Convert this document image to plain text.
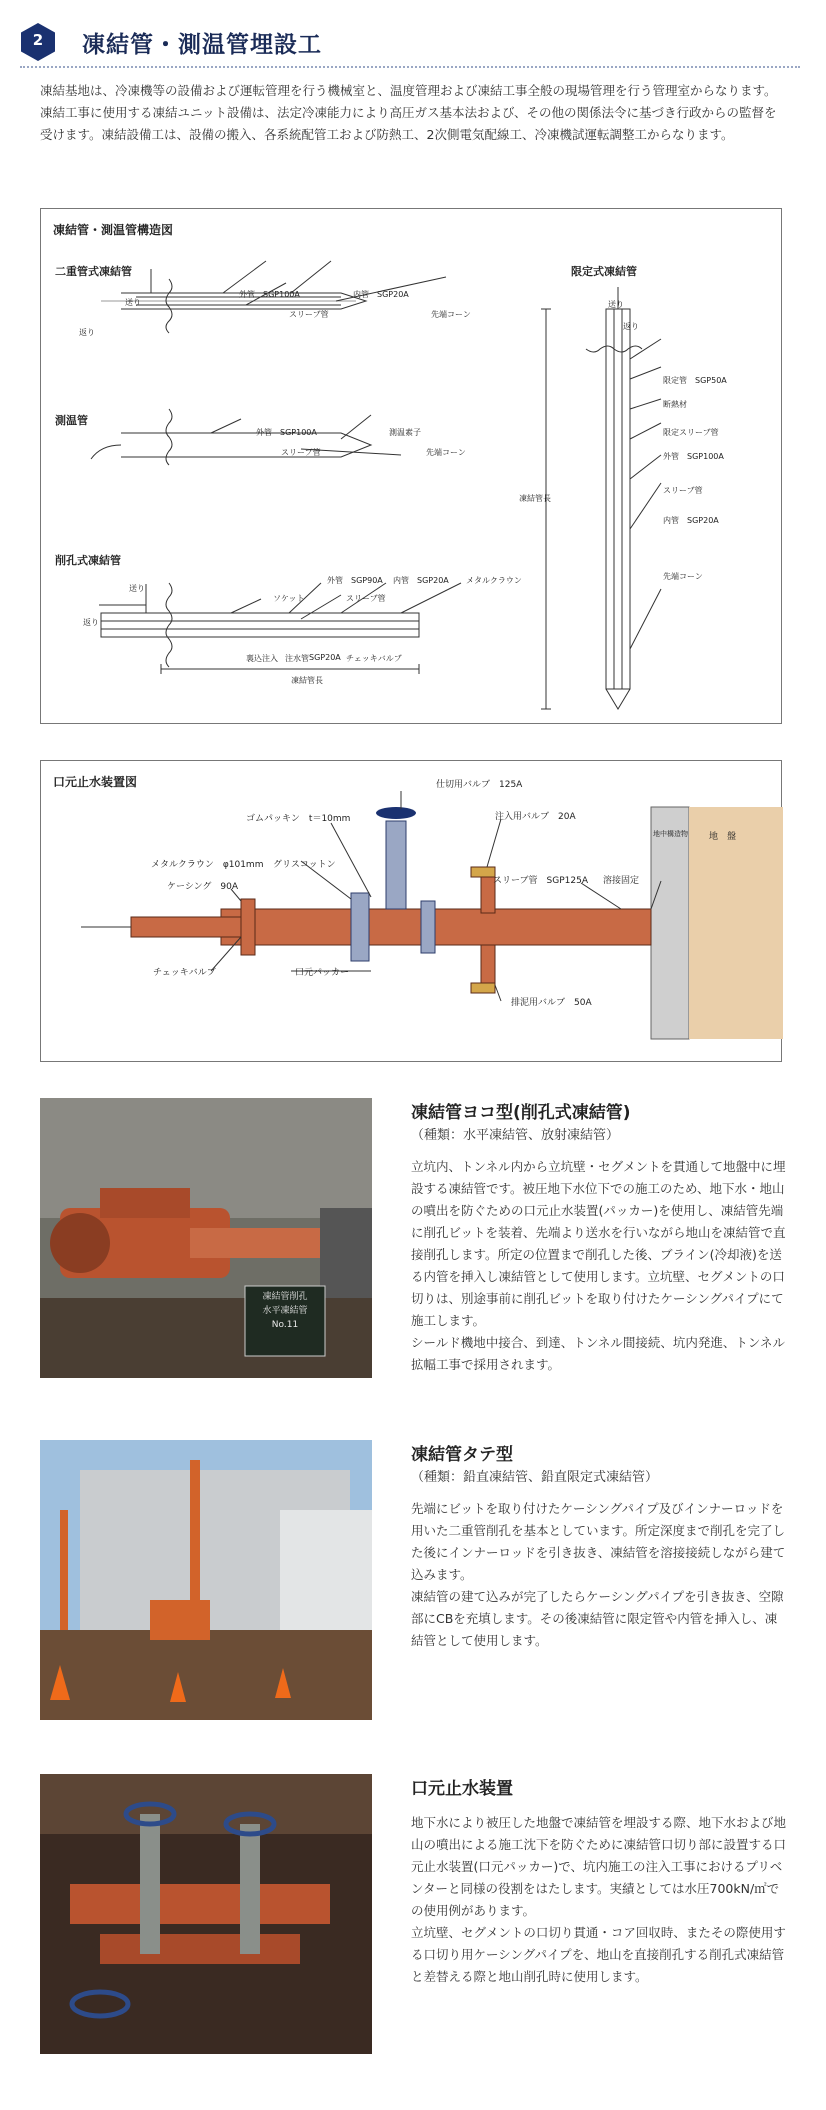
2	凍結管・測温管埋設工
凍結基地は、冷凍機等の設備および運転管理を行う機械室と、温度管理および凍結工事全般の現場管理を行う管理室からなります。凍結工事に使用する凍結ユニット設備は、法定冷凍能力により高圧ガス基本法および、その他の関係法令に基づき行政からの監督を受けます。凍結設備工は、設備の搬入、各系統配管工および防熱工、2次側電気配線工、冷凍機試運転調整工からなります。
凍結管・測温管構造図
二重管式凍結管
送り
返り
外管　SGP100A	内管　SGP20A
スリーブ管	先端コーン
測温管
外管　SGP100A	測温素子
スリーブ管	先端コーン
削孔式凍結管
送り
返り
ソケット
外管　SGP90A 内管　SGP20A
スリーブ管
メタルクラウン
裏込注入 注水管 SGP20A チェッキバルブ
凍結管長
限定式凍結管
送り
返り
限定管　SGP50A
断熱材
限定スリーブ管
外管　SGP100A
スリーブ管
内管　SGP20A
先端コーン
凍結管長
口元止水装置図	仕切用バルブ　125A
ゴムパッキン　t＝10mm	注入用バルブ　20A
メタルクラウン　φ101mm グリスコットン
ケーシング　90A
スリーブ管　SGP125A 溶接固定
地中構造物 地　盤
チェッキバルブ	口元パッカー
排泥用バルブ　50A
凍結管削孔
水平凍結管
No.11
凍結管ヨコ型(削孔式凍結管)
（種類：水平凍結管、放射凍結管）

立坑内、トンネル内から立坑壁・セグメントを貫通して地盤中に埋設する凍結管です。被圧地下水位下での施工のため、地下水・地山の噴出を防ぐための口元止水装置(パッカー)を使用し、凍結管先端に削孔ビットを装着、先端より送水を行いながら地山を凍結管で直接削孔します。所定の位置まで削孔した後、ブライン(冷却液)を送る内管を挿入し凍結管として使用します。立坑壁、セグメントの口切りは、別途事前に削孔ビットを取り付けたケーシングパイプにて施工します。

シールド機地中接合、到達、トンネル間接続、坑内発進、トンネル拡幅工事で採用されます。

凍結管タテ型
（種類：鉛直凍結管、鉛直限定式凍結管）

先端にビットを取り付けたケーシングパイプ及びインナーロッドを用いた二重管削孔を基本としています。所定深度まで削孔を完了した後にインナーロッドを引き抜き、凍結管を溶接接続しながら建て込みます。

凍結管の建て込みが完了したらケーシングパイプを引き抜き、空隙部にCBを充填します。その後凍結管に限定管や内管を挿入し、凍結管として使用します。

口元止水装置

地下水により被圧した地盤で凍結管を埋設する際、地下水および地山の噴出による施工沈下を防ぐために凍結管口切り部に設置する口元止水装置(口元パッカー)で、坑内施工の注入工事におけるプリベンターと同様の役割をはたします。実績としては水圧700kN/㎡での使用例があります。

立坑壁、セグメントの口切り貫通・コア回収時、またその際使用する口切り用ケーシングパイプを、地山を直接削孔する削孔式凍結管と差替える際と地山削孔時に使用します。
